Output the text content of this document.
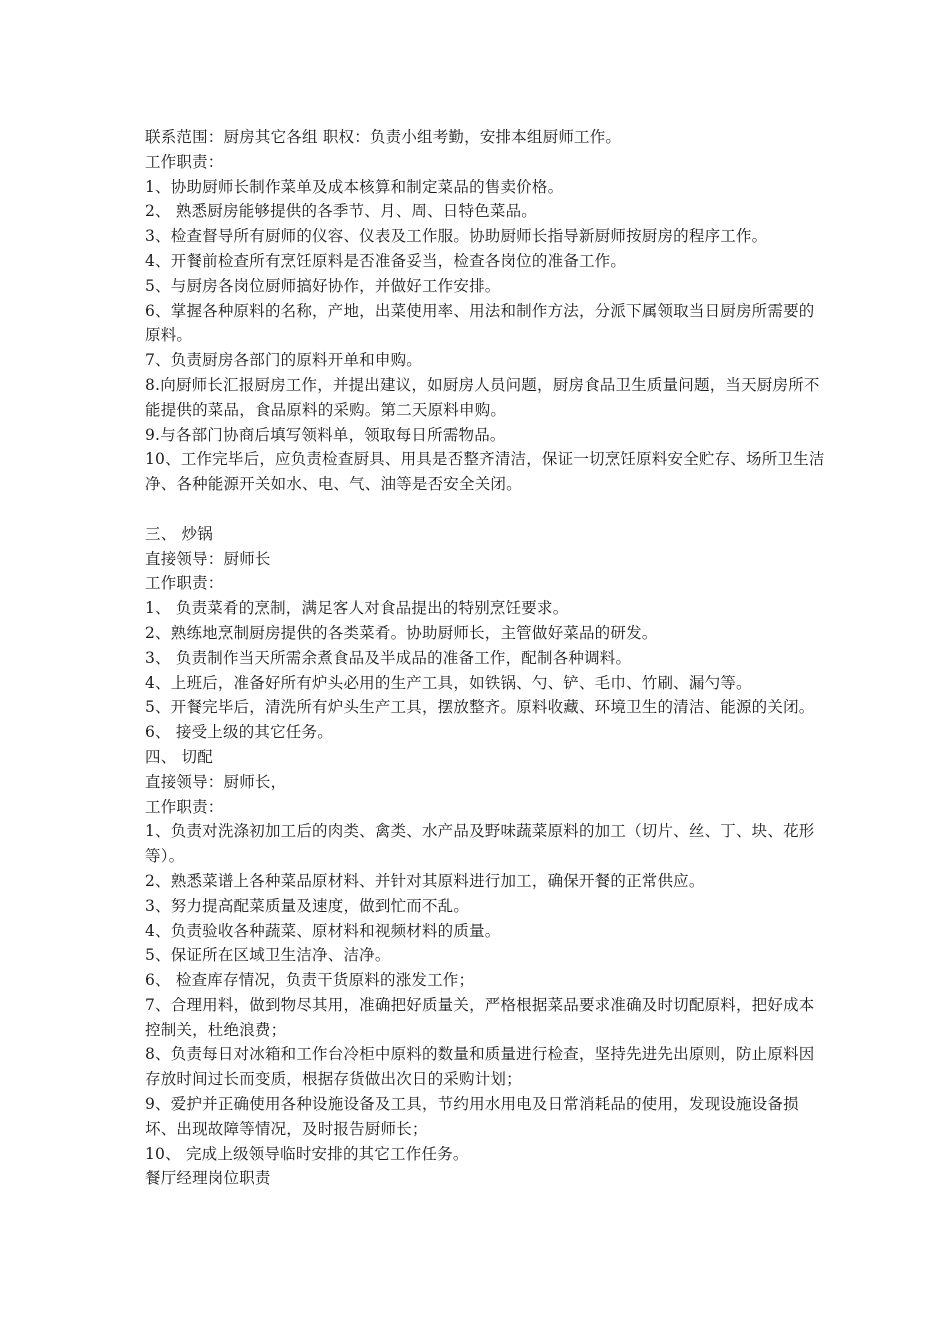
联系范围：厨房其它各组 职权：负责小组考勤，安排本组厨师工作。

工作职责：

1、协助厨师长制作菜单及成本核算和制定菜品的售卖价格。

2、 熟悉厨房能够提供的各季节、月、周、日特色菜品。

3、检查督导所有厨师的仪容、仪表及工作服。协助厨师长指导新厨师按厨房的程序工作。

4、开餐前检查所有烹饪原料是否准备妥当，检查各岗位的准备工作。

5、与厨房各岗位厨师搞好协作，并做好工作安排。

6、掌握各种原料的名称，产地，出菜使用率、用法和制作方法，分派下属领取当日厨房所需要的原料。

7、负责厨房各部门的原料开单和申购。

8.向厨师长汇报厨房工作，并提出建议，如厨房人员问题，厨房食品卫生质量问题，当天厨房所不能提供的菜品，食品原料的采购。第二天原料申购。

9.与各部门协商后填写领料单，领取每日所需物品。

10、工作完毕后，应负责检查厨具、用具是否整齐清洁，保证一切烹饪原料安全贮存、场所卫生洁净、各种能源开关如水、电、气、油等是否安全关闭。

三、 炒锅

直接领导：厨师长

工作职责：

1、 负责菜肴的烹制，满足客人对食品提出的特别烹饪要求。

2、熟练地烹制厨房提供的各类菜肴。协助厨师长，主管做好菜品的研发。

3、 负责制作当天所需余煮食品及半成品的准备工作，配制各种调料。

4、上班后，准备好所有炉头必用的生产工具，如铁锅、勺、铲、毛巾、竹刷、漏勺等。

5、开餐完毕后，清洗所有炉头生产工具，摆放整齐。原料收藏、环境卫生的清洁、能源的关闭。

6、 接受上级的其它任务。

四、 切配

直接领导：厨师长，

工作职责：

1、负责对洗涤初加工后的肉类、禽类、水产品及野味蔬菜原料的加工（切片、丝、丁、块、花形等）。

2、熟悉菜谱上各种菜品原材料、并针对其原料进行加工，确保开餐的正常供应。

3、努力提高配菜质量及速度，做到忙而不乱。

4、负责验收各种蔬菜、原材料和视频材料的质量。

5、保证所在区域卫生洁净、洁净。

6、 检查库存情况，负责干货原料的涨发工作；

7、合理用料，做到物尽其用，准确把好质量关，严格根据菜品要求准确及时切配原料，把好成本控制关，杜绝浪费；

8、负责每日对冰箱和工作台冷柜中原料的数量和质量进行检查，坚持先进先出原则，防止原料因存放时间过长而变质，根据存货做出次日的采购计划；

9、爱护并正确使用各种设施设备及工具，节约用水用电及日常消耗品的使用，发现设施设备损坏、出现故障等情况，及时报告厨师长；

10、 完成上级领导临时安排的其它工作任务。

餐厅经理岗位职责
